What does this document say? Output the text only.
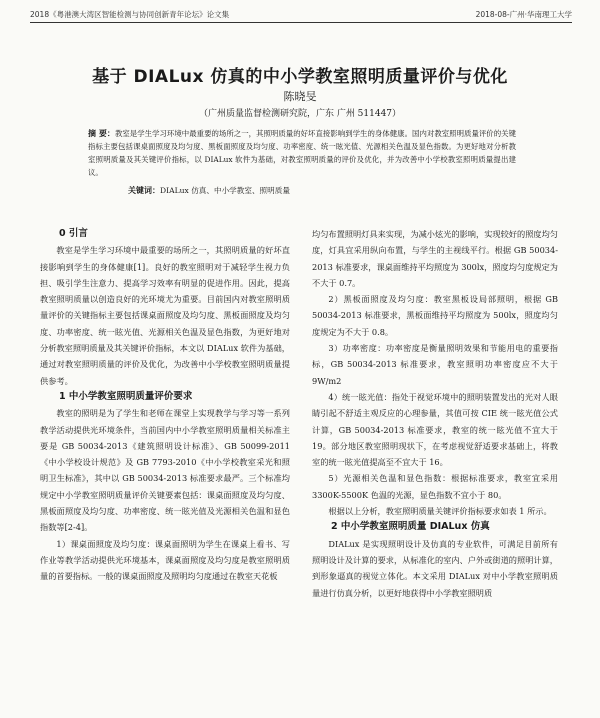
2018《粤港澳大湾区智能检测与协同创新青年论坛》论文集	2018-08-广州·华南理工大学
基于 DIALux 仿真的中小学教室照明质量评价与优化
陈晓旻
（广州质量监督检测研究院，广东 广州 511447）
摘 要：教室是学生学习环境中最重要的场所之一，其照明质量的好坏直接影响到学生的身体健康。国内对教室照明质量评价的关键指标主要包括课桌面照度及均匀度、黑板面照度及均匀度、功率密度、统一眩光值、光源相关色温及显色指数。为更好地对分析教室照明质量及其关键评价指标，以 DIALux 软件为基础，对教室照明质量的评价及优化，并为改善中小学校教室照明质量提出建议。
关键词：DIALux 仿真、中小学教室、照明质量

0 引言

教室是学生学习环境中最重要的场所之一，其照明质量的好坏直接影响到学生的身体健康[1]。良好的教室照明对于减轻学生视力负担、吸引学生注意力、提高学习效率有明显的促进作用。因此，提高教室照明质量以创造良好的光环境尤为重要。目前国内对教室照明质量评价的关键指标主要包括课桌面照度及均匀度、黑板面照度及均匀度、功率密度、统一眩光值、光源相关色温及显色指数，为更好地对分析教室照明质量及其关键评价指标，本文以 DIALux 软件为基础，通过对教室照明质量的评价及优化，为改善中小学校教室照明质量提供参考。

1 中小学教室照明质量评价要求

教室的照明是为了学生和老师在课堂上实现教学与学习等一系列教学活动提供光环境条件，当前国内中小学教室照明质量相关标准主要是 GB 50034-2013《建筑照明设计标准》、GB 50099-2011《中小学校设计规范》及 GB 7793-2010《中小学校教室采光和照明卫生标准》，其中以 GB 50034-2013 标准要求最严。三个标准均规定中小学教室照明质量评价关键要素包括：课桌面照度及均匀度、黑板面照度及均匀度、功率密度、统一眩光值及光源相关色温和显色指数等[2-4]。

1）课桌面照度及均匀度：课桌面照明为学生在课桌上看书、写作业等教学活动提供光环境基本，课桌面照度及均匀度是教室照明质量的首要指标。一般的课桌面照度及照明均匀度通过在教室天花板

均匀布置照明灯具来实现，为减小炫光的影响，实现较好的照度均匀度，灯具宜采用纵向布置，与学生的主视线平行。根据 GB 50034-2013 标准要求，课桌面维持平均照度为 300lx，照度均匀度规定为不大于 0.7。

2）黑板面照度及均匀度：教室黑板设局部照明，根据 GB 50034-2013 标准要求，黑板面维持平均照度为 500lx，照度均匀度规定为不大于 0.8。

3）功率密度：功率密度是衡量照明效果和节能用电的重要指标，GB 50034-2013 标准要求，教室照明功率密度应不大于 9W/m2

4）统一眩光值：指处于视觉环境中的照明装置发出的光对人眼睛引起不舒适主观反应的心理参量，其值可按 CIE 统一眩光值公式计算，GB 50034-2013 标准要求，教室的统一眩光值不宜大于 19。部分地区教室照明现状下，在考虑视觉舒适要求基础上，将教室的统一眩光值提高至不宜大于 16。

5）光源相关色温和显色指数：根据标准要求，教室宜采用 3300K-5500K 色温的光源，显色指数不宜小于 80。

根据以上分析，教室照明质量关键评价指标要求如表 1 所示。

2 中小学教室照明质量 DIALux 仿真

DIALux 是实现照明设计及仿真的专业软件，可满足目前所有照明设计及计算的要求，从标准化的室内、户外或街道的照明计算，到形象逼真的视觉立体化。本文采用 DIALux 对中小学教室照明质量进行仿真分析，以更好地获得中小学教室照明质
